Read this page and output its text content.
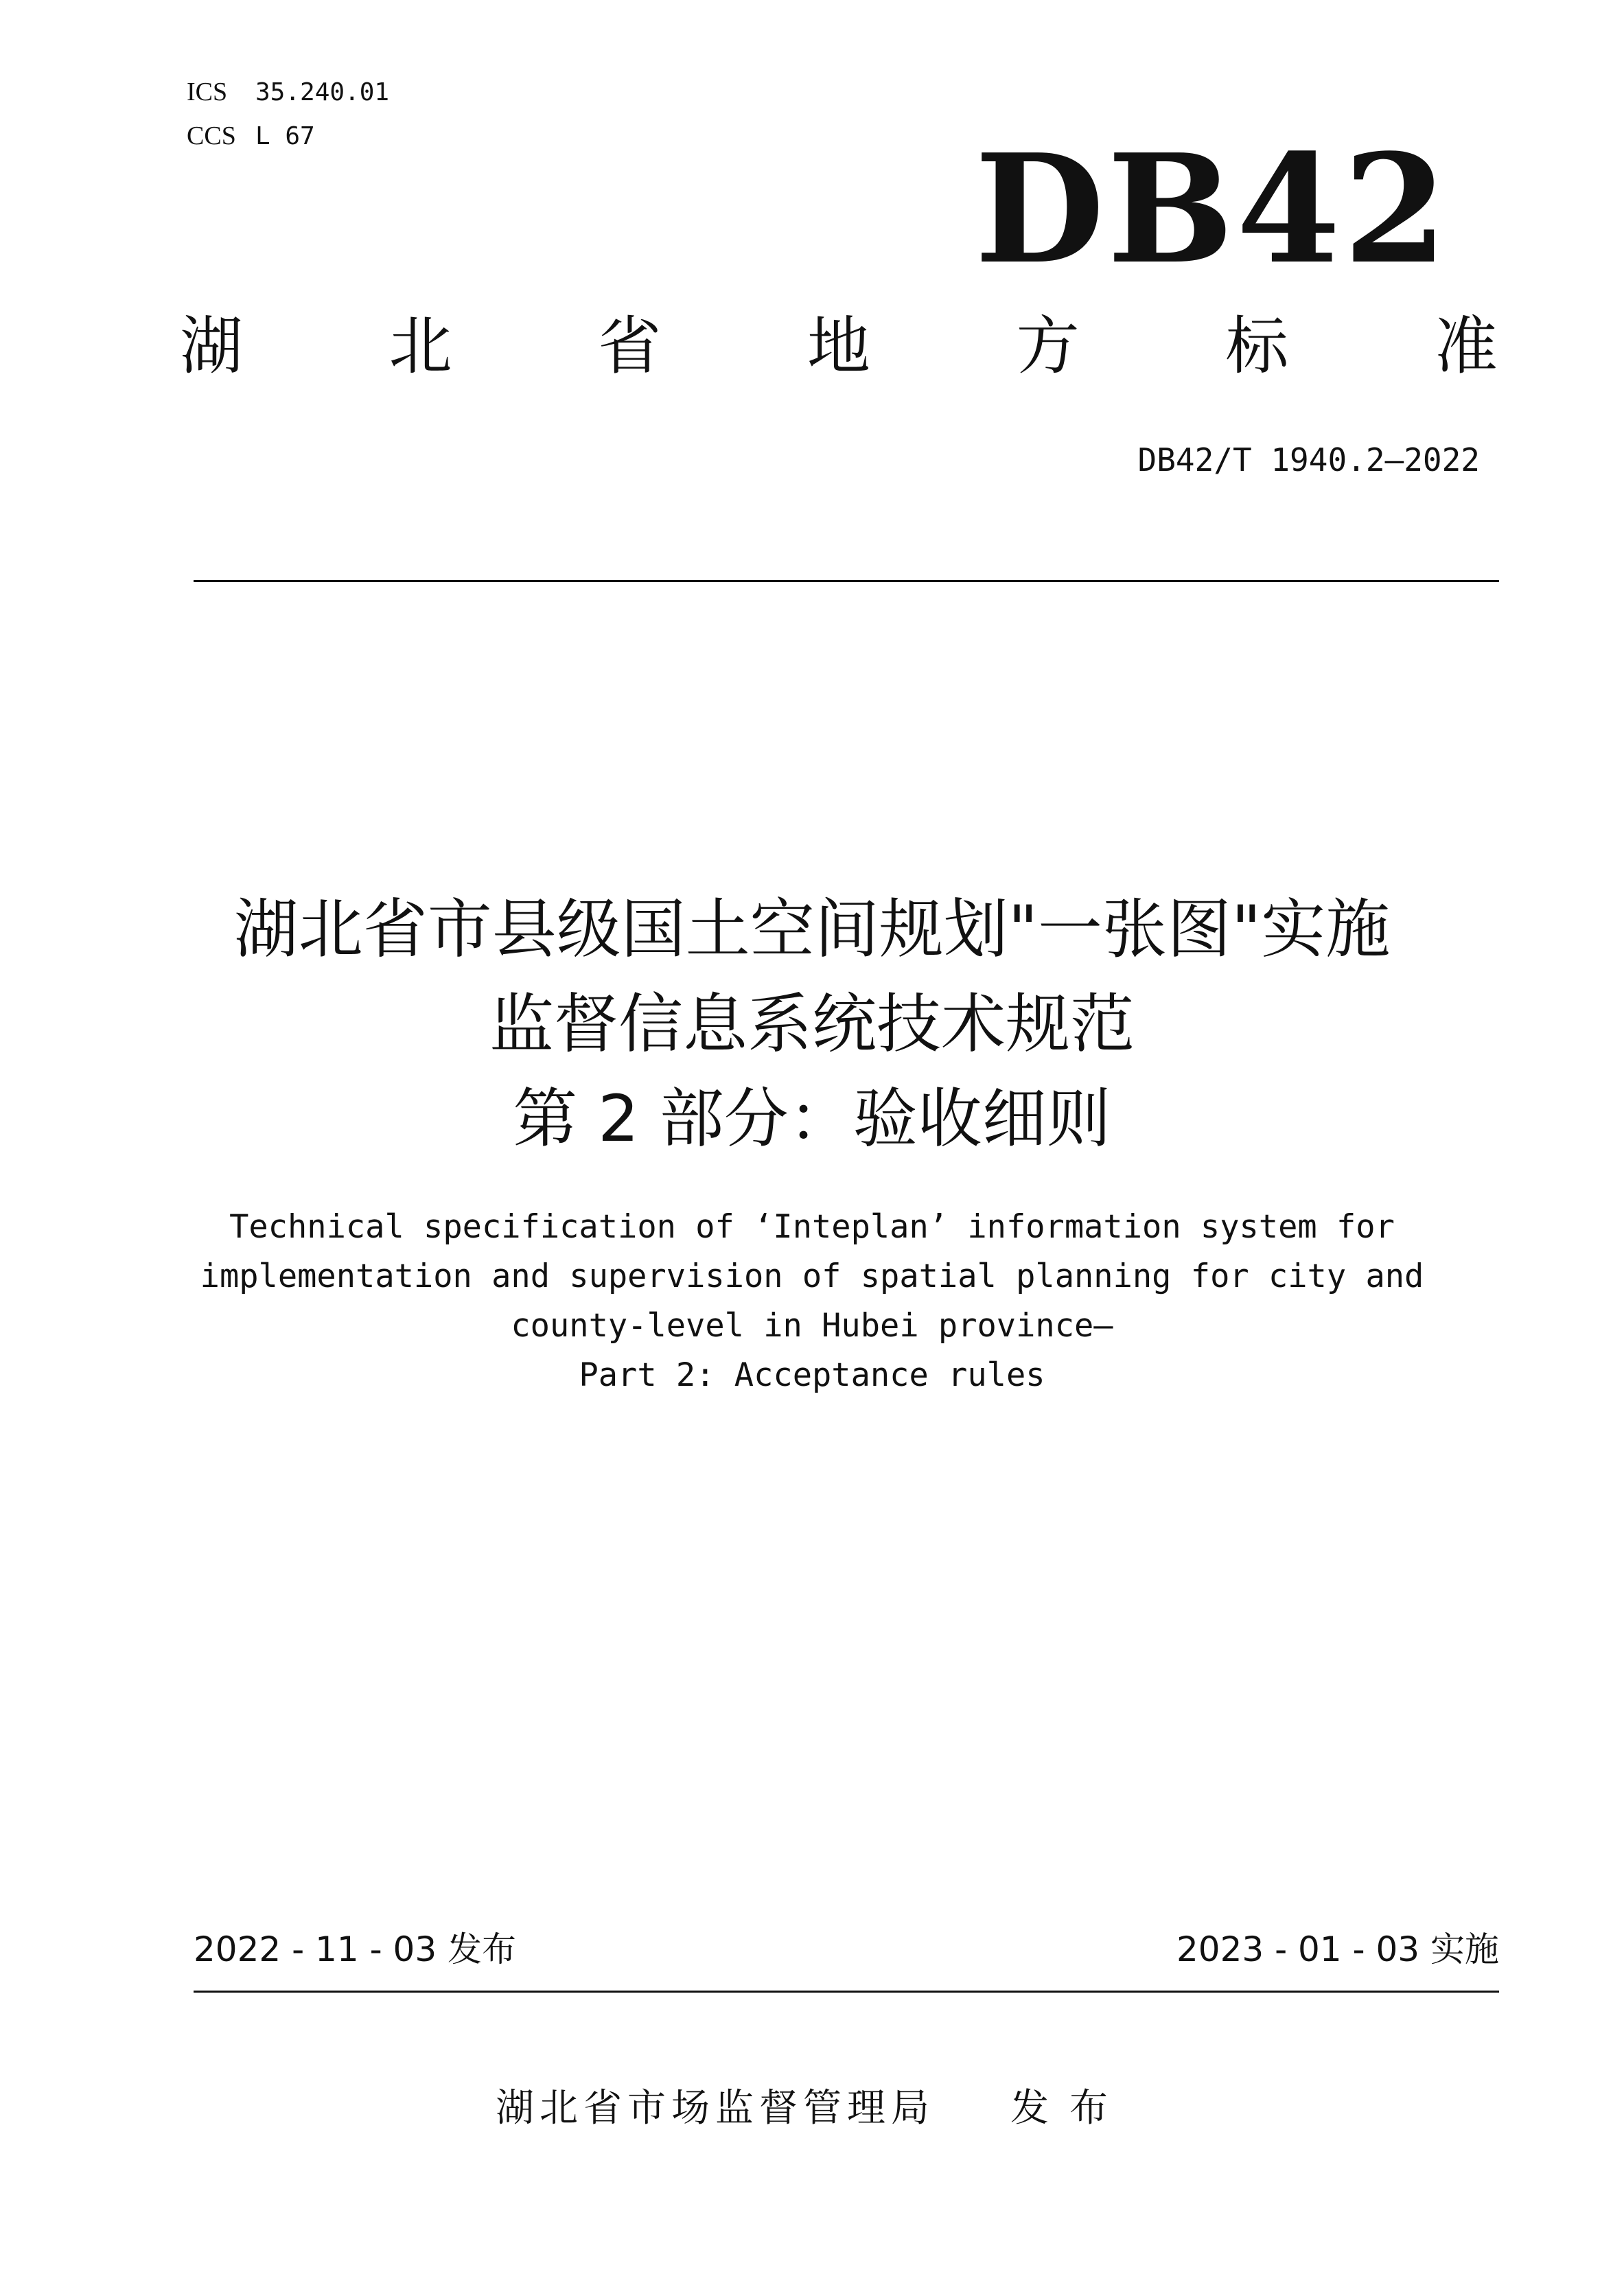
ICS 35.240.01
CCS L 67	DB42
湖 北 省 地 方 标 准
DB42/T 1940.2—2022
湖北省市县级国土空间规划"一张图"实施
监督信息系统技术规范
第 2 部分：验收细则
Technical specification of ‘Inteplan’ information system for
implementation and supervision of spatial planning for city and
county-level in Hubei province—
Part 2: Acceptance rules
2022 - 11 - 03 发布	2023 - 01 - 03 实施
湖北省市场监督管理局 发布
